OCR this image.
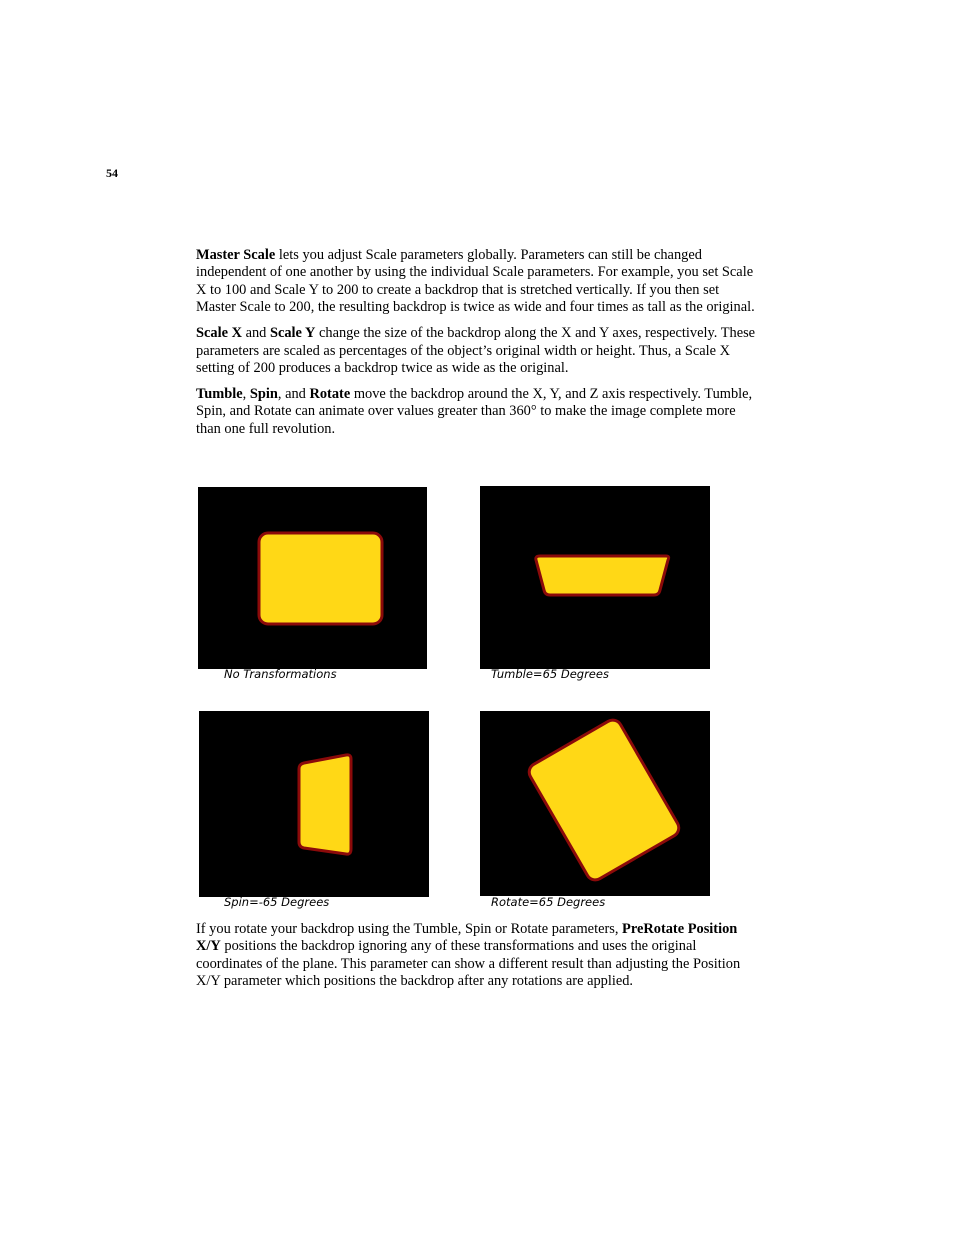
54

Master Scale lets you adjust Scale parameters globally. Parameters can still be changed independent of one another by using the individual Scale parameters. For example, you set Scale X to 100 and Scale Y to 200 to create a backdrop that is stretched vertically. If you then set Master Scale to 200, the resulting backdrop is twice as wide and four times as tall as the original.

Scale X and Scale Y change the size of the backdrop along the X and Y axes, respectively. These parameters are scaled as percentages of the object’s original width or height. Thus, a Scale X setting of 200 produces a backdrop twice as wide as the original.

Tumble, Spin, and Rotate move the backdrop around the X, Y, and Z axis respectively. Tumble, Spin, and Rotate can animate over values greater than 360° to make the image complete more than one full revolution.

No Transformations	Tumble=65 Degrees
Spin=-65 Degrees	Rotate=65 Degrees

If you rotate your backdrop using the Tumble, Spin or Rotate parameters, PreRotate Position X/Y positions the backdrop ignoring any of these transformations and uses the original coordinates of the plane. This parameter can show a different result than adjusting the Position X/Y parameter which positions the backdrop after any rotations are applied.
